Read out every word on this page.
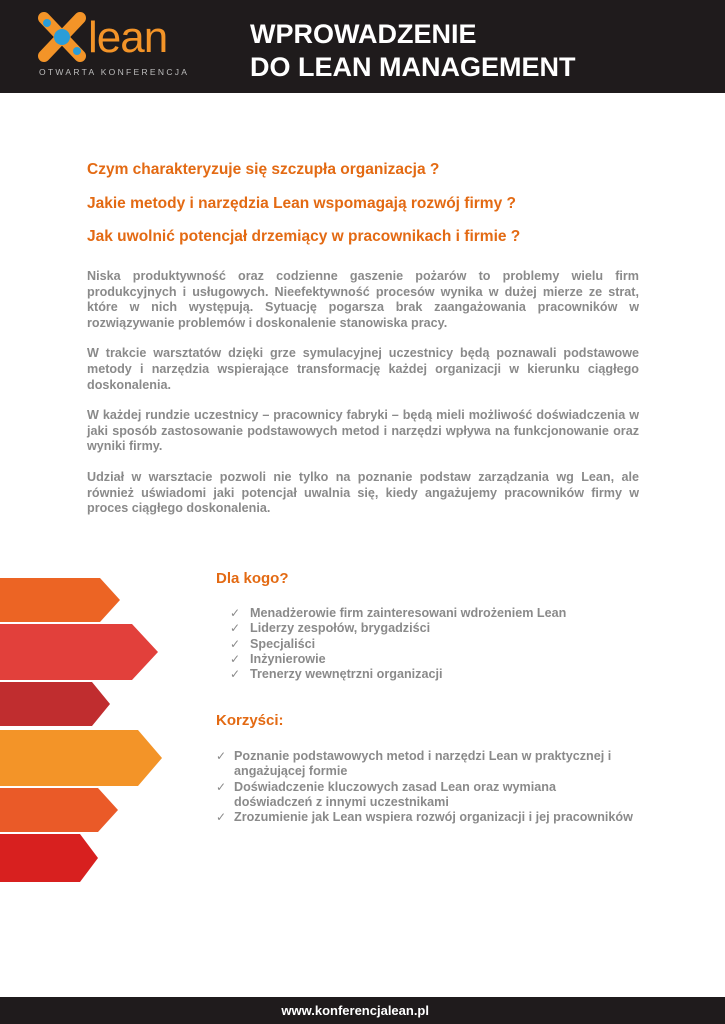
lean
OTWARTA KONFERENCJA
WPROWADZENIE
DO LEAN MANAGEMENT
Czym charakteryzuje się szczupła organizacja ?
Jakie metody i narzędzia Lean wspomagają rozwój firmy ?
Jak uwolnić potencjał drzemiący w pracownikach i firmie ?

Niska produktywność oraz codzienne gaszenie pożarów to problemy wielu firm produkcyjnych i usługowych. Nieefektywność procesów wynika w dużej mierze ze strat, które w nich występują. Sytuację pogarsza brak zaangażowania pracowników w rozwiązywanie problemów i doskonalenie stanowiska pracy.

W trakcie warsztatów dzięki grze symulacyjnej uczestnicy będą poznawali podstawowe metody i narzędzia wspierające transformację każdej organizacji w kierunku ciągłego doskonalenia.

W każdej rundzie uczestnicy – pracownicy fabryki – będą mieli możliwość doświadczenia w jaki sposób zastosowanie podstawowych metod i narzędzi wpływa na funkcjonowanie oraz wyniki firmy.

Udział w warsztacie pozwoli nie tylko na poznanie podstaw zarządzania wg Lean, ale również uświadomi jaki potencjał uwalnia się, kiedy angażujemy pracowników firmy w proces ciągłego doskonalenia.

Dla kogo?
✓ Menadżerowie firm zainteresowani wdrożeniem Lean
✓ Liderzy zespołów, brygadziści
✓ Specjaliści
✓ Inżynierowie
✓ Trenerzy wewnętrzni organizacji
Korzyści:
✓ Poznanie podstawowych metod i narzędzi Lean w praktycznej i angażującej formie
✓ Doświadczenie kluczowych zasad Lean oraz wymiana doświadczeń z innymi uczestnikami
✓ Zrozumienie jak Lean wspiera rozwój organizacji i jej pracowników
www.konferencjalean.pl
